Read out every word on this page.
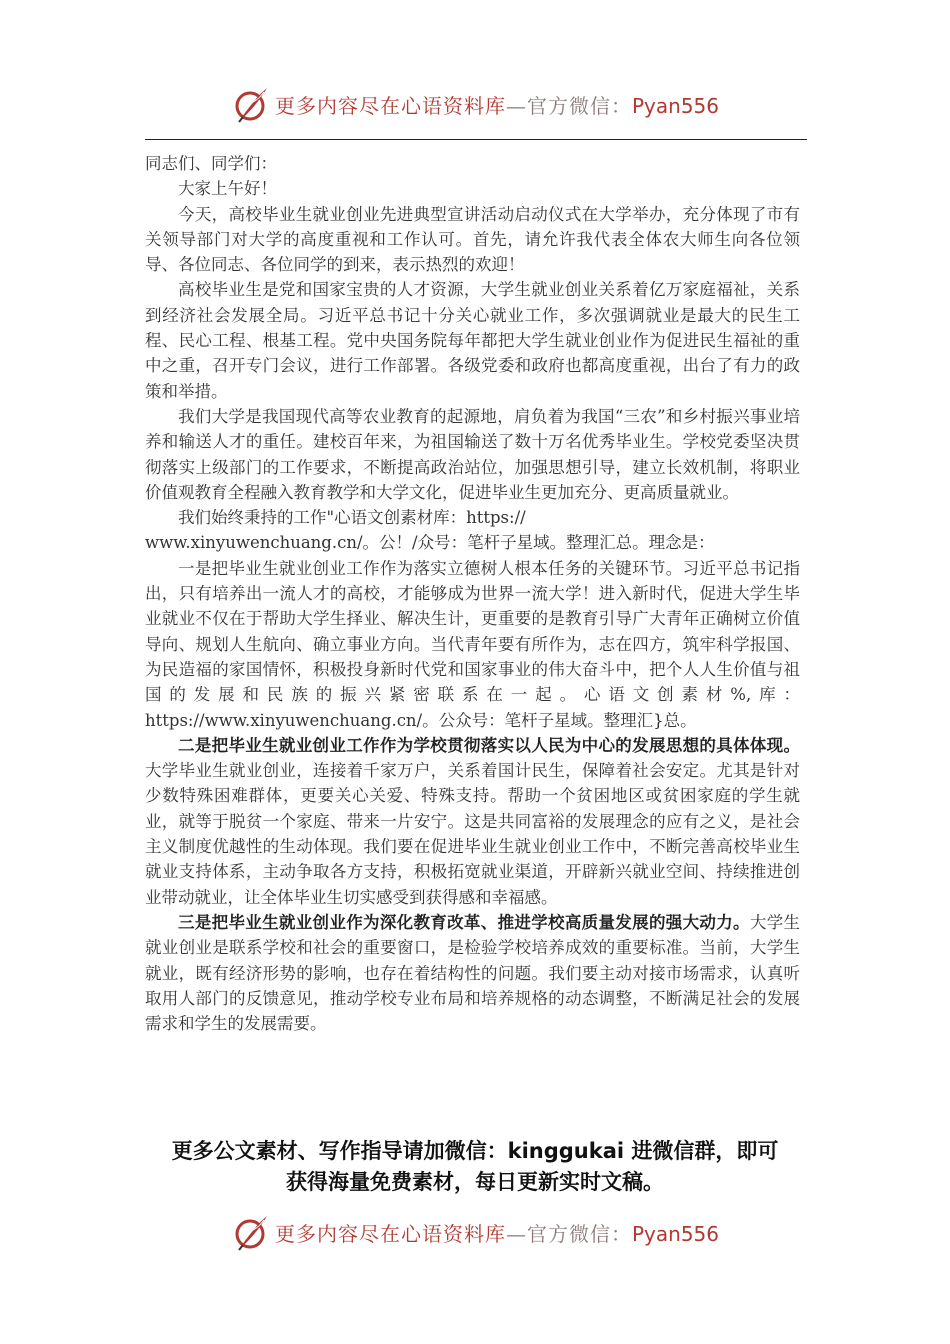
更多内容尽在心语资料库—官方微信：Pyan556

同志们、同学们：

大家上午好！

今天，高校毕业生就业创业先进典型宣讲活动启动仪式在大学举办，充分体现了市有关领导部门对大学的高度重视和工作认可。首先，请允许我代表全体农大师生向各位领导、各位同志、各位同学的到来，表示热烈的欢迎！

高校毕业生是党和国家宝贵的人才资源，大学生就业创业关系着亿万家庭福祉，关系到经济社会发展全局。习近平总书记十分关心就业工作，多次强调就业是最大的民生工程、民心工程、根基工程。党中央国务院每年都把大学生就业创业作为促进民生福祉的重中之重，召开专门会议，进行工作部署。各级党委和政府也都高度重视，出台了有力的政策和举措。

我们大学是我国现代高等农业教育的起源地，肩负着为我国“三农”和乡村振兴事业培养和输送人才的重任。建校百年来，为祖国输送了数十万名优秀毕业生。学校党委坚决贯彻落实上级部门的工作要求，不断提高政治站位，加强思想引导，建立长效机制，将职业价值观教育全程融入教育教学和大学文化，促进毕业生更加充分、更高质量就业。

我们始终秉持的工作"心语文创素材库：https://

www.xinyuwenchuang.cn/。公！/众号：笔杆子星域。整理汇总。理念是：

一是把毕业生就业创业工作作为落实立德树人根本任务的关键环节。习近平总书记指出，只有培养出一流人才的高校，才能够成为世界一流大学！进入新时代，促进大学生毕业就业不仅在于帮助大学生择业、解决生计，更重要的是教育引导广大青年正确树立价值导向、规划人生航向、确立事业方向。当代青年要有所作为，志在四方，筑牢科学报国、为民造福的家国情怀，积极投身新时代党和国家事业的伟大奋斗中，把个人人生价值与祖国的发展和民族的振兴紧密联系在一起。心语文创素材%,库：https://www.xinyuwenchuang.cn/。公众号：笔杆子星域。整理汇}总。

二是把毕业生就业创业工作作为学校贯彻落实以人民为中心的发展思想的具体体现。大学毕业生就业创业，连接着千家万户，关系着国计民生，保障着社会安定。尤其是针对少数特殊困难群体，更要关心关爱、特殊支持。帮助一个贫困地区或贫困家庭的学生就业，就等于脱贫一个家庭、带来一片安宁。这是共同富裕的发展理念的应有之义，是社会主义制度优越性的生动体现。我们要在促进毕业生就业创业工作中，不断完善高校毕业生就业支持体系，主动争取各方支持，积极拓宽就业渠道，开辟新兴就业空间、持续推进创业带动就业，让全体毕业生切实感受到获得感和幸福感。

三是把毕业生就业创业作为深化教育改革、推进学校高质量发展的强大动力。大学生就业创业是联系学校和社会的重要窗口，是检验学校培养成效的重要标准。当前，大学生就业，既有经济形势的影响，也存在着结构性的问题。我们要主动对接市场需求，认真听取用人部门的反馈意见，推动学校专业布局和培养规格的动态调整，不断满足社会的发展需求和学生的发展需要。

更多公文素材、写作指导请加微信：kinggukai 进微信群，即可
获得海量免费素材，每日更新实时文稿。
更多内容尽在心语资料库—官方微信：Pyan556
